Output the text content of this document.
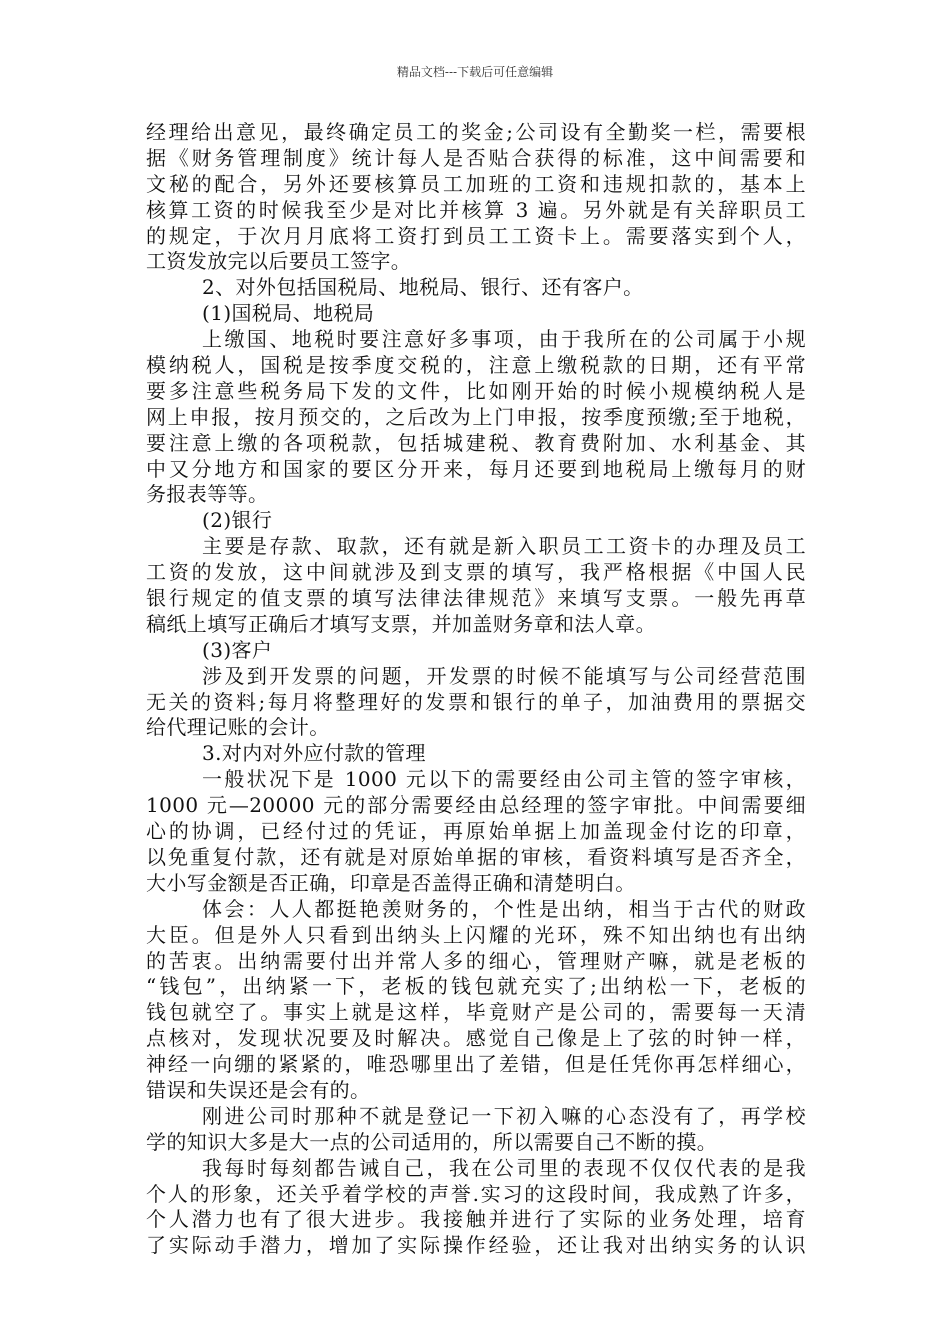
精品文档---下载后可任意编辑
经理给出意见，最终确定员工的奖金;公司设有全勤奖一栏，需要根
据《财务管理制度》统计每人是否贴合获得的标准，这中间需要和
文秘的配合，另外还要核算员工加班的工资和违规扣款的，基本上
核算工资的时候我至少是对比并核算 3 遍。另外就是有关辞职员工
的规定，于次月月底将工资打到员工工资卡上。需要落实到个人，
工资发放完以后要员工签字。
2、对外包括国税局、地税局、银行、还有客户。
(1)国税局、地税局
上缴国、地税时要注意好多事项，由于我所在的公司属于小规
模纳税人，国税是按季度交税的，注意上缴税款的日期，还有平常
要多注意些税务局下发的文件，比如刚开始的时候小规模纳税人是
网上申报，按月预交的，之后改为上门申报，按季度预缴;至于地税，
要注意上缴的各项税款，包括城建税、教育费附加、水利基金、其
中又分地方和国家的要区分开来，每月还要到地税局上缴每月的财
务报表等等。
(2)银行
主要是存款、取款，还有就是新入职员工工资卡的办理及员工
工资的发放，这中间就涉及到支票的填写，我严格根据《中国人民
银行规定的值支票的填写法律法律规范》来填写支票。一般先再草
稿纸上填写正确后才填写支票，并加盖财务章和法人章。
(3)客户
涉及到开发票的问题，开发票的时候不能填写与公司经营范围
无关的资料;每月将整理好的发票和银行的单子，加油费用的票据交
给代理记账的会计。
3.对内对外应付款的管理
一般状况下是 1000 元以下的需要经由公司主管的签字审核，
1000 元—20000 元的部分需要经由总经理的签字审批。中间需要细
心的协调，已经付过的凭证，再原始单据上加盖现金付讫的印章，
以免重复付款，还有就是对原始单据的审核，看资料填写是否齐全，
大小写金额是否正确，印章是否盖得正确和清楚明白。
体会：人人都挺艳羡财务的，个性是出纳，相当于古代的财政
大臣。但是外人只看到出纳头上闪耀的光环，殊不知出纳也有出纳
的苦衷。出纳需要付出并常人多的细心，管理财产嘛，就是老板的
“钱包”，出纳紧一下，老板的钱包就充实了;出纳松一下，老板的
钱包就空了。事实上就是这样，毕竟财产是公司的，需要每一天清
点核对，发现状况要及时解决。感觉自己像是上了弦的时钟一样，
神经一向绷的紧紧的，唯恐哪里出了差错，但是任凭你再怎样细心，
错误和失误还是会有的。
刚进公司时那种不就是登记一下初入嘛的心态没有了，再学校
学的知识大多是大一点的公司适用的，所以需要自己不断的摸。
我每时每刻都告诫自己，我在公司里的表现不仅仅代表的是我
个人的形象，还关乎着学校的声誉.实习的这段时间，我成熟了许多，
个人潜力也有了很大进步。我接触并进行了实际的业务处理，培育
了实际动手潜力，增加了实际操作经验，还让我对出纳实务的认识
